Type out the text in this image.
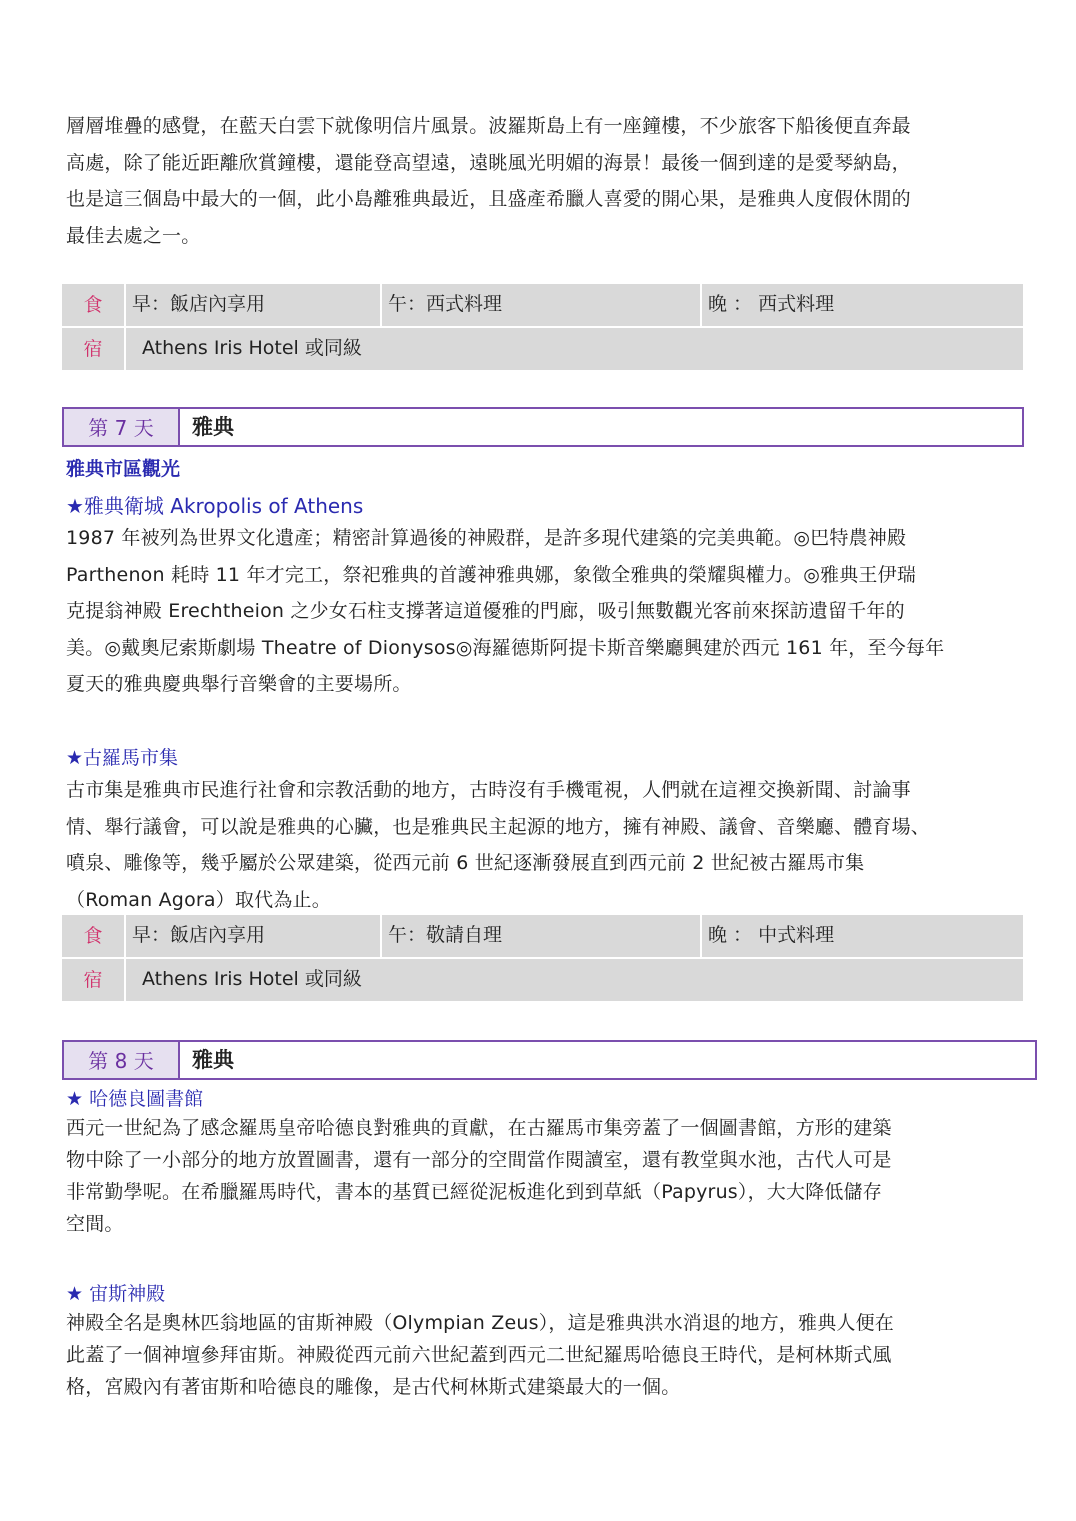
層層堆疊的感覺，在藍天白雲下就像明信片風景。波羅斯島上有一座鐘樓，不少旅客下船後便直奔最
高處，除了能近距離欣賞鐘樓，還能登高望遠，遠眺風光明媚的海景！最後一個到達的是愛琴納島，
也是這三個島中最大的一個，此小島離雅典最近，且盛產希臘人喜愛的開心果，是雅典人度假休閒的
最佳去處之一。
食	早：飯店內享用	午：西式料理	晚 ： 西式料理
宿	Athens Iris Hotel 或同級
第 7 天	雅典
雅典市區觀光
★雅典衛城 Akropolis of Athens
1987 年被列為世界文化遺產；精密計算過後的神殿群，是許多現代建築的完美典範。◎巴特農神殿
Parthenon 耗時 11 年才完工，祭祀雅典的首護神雅典娜，象徵全雅典的榮耀與權力。◎雅典王伊瑞
克提翁神殿 Erechtheion 之少女石柱支撐著這道優雅的門廊，吸引無數觀光客前來探訪遺留千年的
美。◎戴奧尼索斯劇場 Theatre of Dionysos◎海羅德斯阿提卡斯音樂廳興建於西元 161 年，至今每年
夏天的雅典慶典舉行音樂會的主要場所。
★古羅馬市集
古市集是雅典市民進行社會和宗教活動的地方，古時沒有手機電視，人們就在這裡交換新聞、討論事
情、舉行議會，可以說是雅典的心臟，也是雅典民主起源的地方，擁有神殿、議會、音樂廳、體育場、
噴泉、雕像等，幾乎屬於公眾建築，從西元前 6 世紀逐漸發展直到西元前 2 世紀被古羅馬市集
（Roman Agora）取代為止。
食	早：飯店內享用	午：敬請自理	晚 ： 中式料理
宿	Athens Iris Hotel 或同級
第 8 天	雅典
★ 哈德良圖書館
西元一世紀為了感念羅馬皇帝哈德良對雅典的貢獻，在古羅馬市集旁蓋了一個圖書館，方形的建築
物中除了一小部分的地方放置圖書，還有一部分的空間當作閱讀室，還有教堂與水池，古代人可是
非常勤學呢。在希臘羅馬時代，書本的基質已經從泥板進化到到草紙（Papyrus），大大降低儲存
空間。
★ 宙斯神殿
神殿全名是奧林匹翁地區的宙斯神殿（Olympian Zeus），這是雅典洪水消退的地方，雅典人便在
此蓋了一個神壇參拜宙斯。神殿從西元前六世紀蓋到西元二世紀羅馬哈德良王時代，是柯林斯式風
格，宮殿內有著宙斯和哈德良的雕像，是古代柯林斯式建築最大的一個。
